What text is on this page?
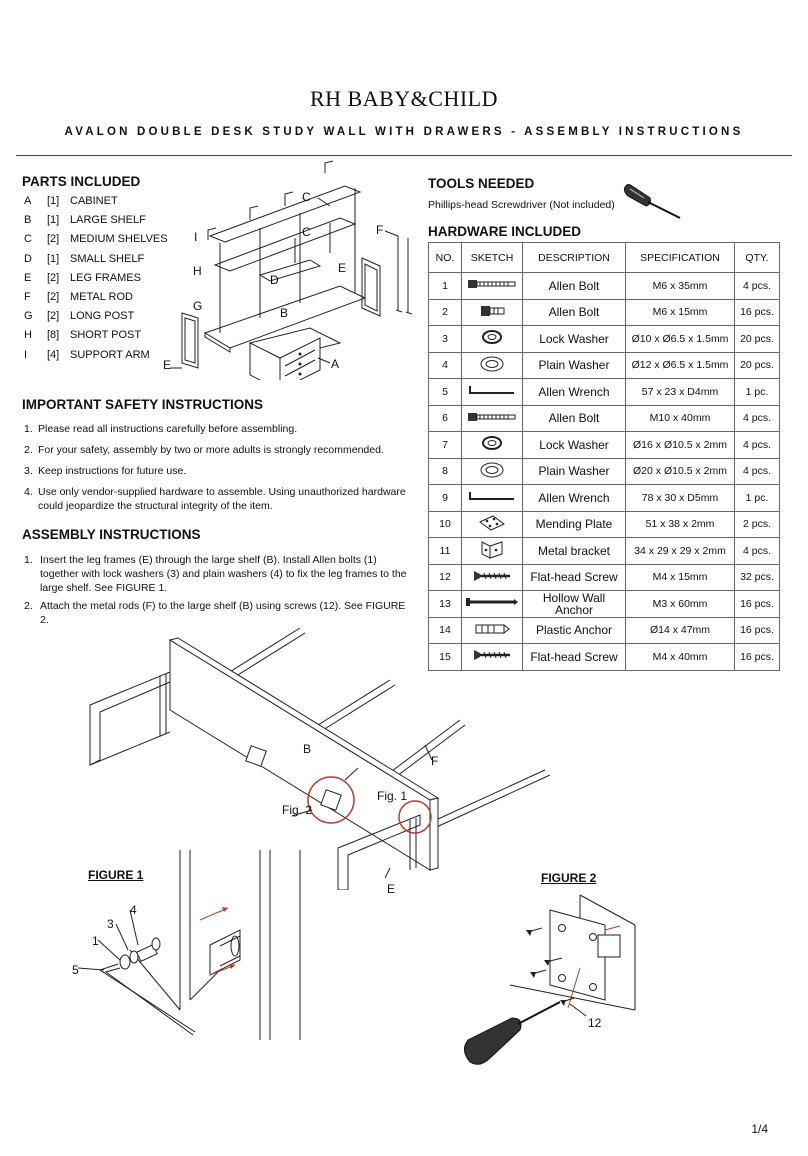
RH BABY&CHILD
AVALON DOUBLE DESK STUDY WALL WITH DRAWERS - ASSEMBLY INSTRUCTIONS
PARTS INCLUDED
A [1] CABINET
B [1] LARGE SHELF
C [2] MEDIUM SHELVES
D [1] SMALL SHELF
E [2] LEG FRAMES
F [2] METAL ROD
G [2] LONG POST
H [8] SHORT POST
I [4] SUPPORT ARM
C
C
I	F
H
D
E
G	B
E	A
TOOLS NEEDED
Phillips-head Screwdriver (Not included)
HARDWARE INCLUDED
NO.	SKETCH	DESCRIPTION	SPECIFICATION	QTY.
1		Allen Bolt	M6 x 35mm	4 pcs.
2		Allen Bolt	M6 x 15mm	16 pcs.
3		Lock Washer	Ø10 x Ø6.5 x 1.5mm	20 pcs.
4		Plain Washer	Ø12 x Ø6.5 x 1.5mm	20 pcs.
5		Allen Wrench	57 x 23 x D4mm	1 pc.
6		Allen Bolt	M10 x 40mm	4 pcs.
7		Lock Washer	Ø16 x Ø10.5 x 2mm	4 pcs.
8		Plain Washer	Ø20 x Ø10.5 x 2mm	4 pcs.
9		Allen Wrench	78 x 30 x D5mm	1 pc.
10		Mending Plate	51 x 38 x 2mm	2 pcs.
11		Metal bracket	34 x 29 x 29 x 2mm	4 pcs.
12		Flat-head Screw	M4 x 15mm	32 pcs.
13		Hollow Wall Anchor	M3 x 60mm	16 pcs.
14		Plastic Anchor	Ø14 x 47mm	16 pcs.
15		Flat-head Screw	M4 x 40mm	16 pcs.
IMPORTANT SAFETY INSTRUCTIONS
1. Please read all instructions carefully before assembling.
2. For your safety, assembly by two or more adults is strongly recommended.
3. Keep instructions for future use.
4. Use only vendor-supplied hardware to assemble. Using unauthorized hardware could jeopardize the structural integrity of the item.
ASSEMBLY INSTRUCTIONS
1. Insert the leg frames (E) through the large shelf (B). Install Allen bolts (1) together with lock washers (3) and plain washers (4) to fix the leg frames to the large shelf. See FIGURE 1.
2. Attach the metal rods (F) to the large shelf (B) using screws (12). See FIGURE 2.
B
F
E
Fig. 1
Fig. 2
FIGURE 1
4
3
1
5
FIGURE 2
12
1/4
